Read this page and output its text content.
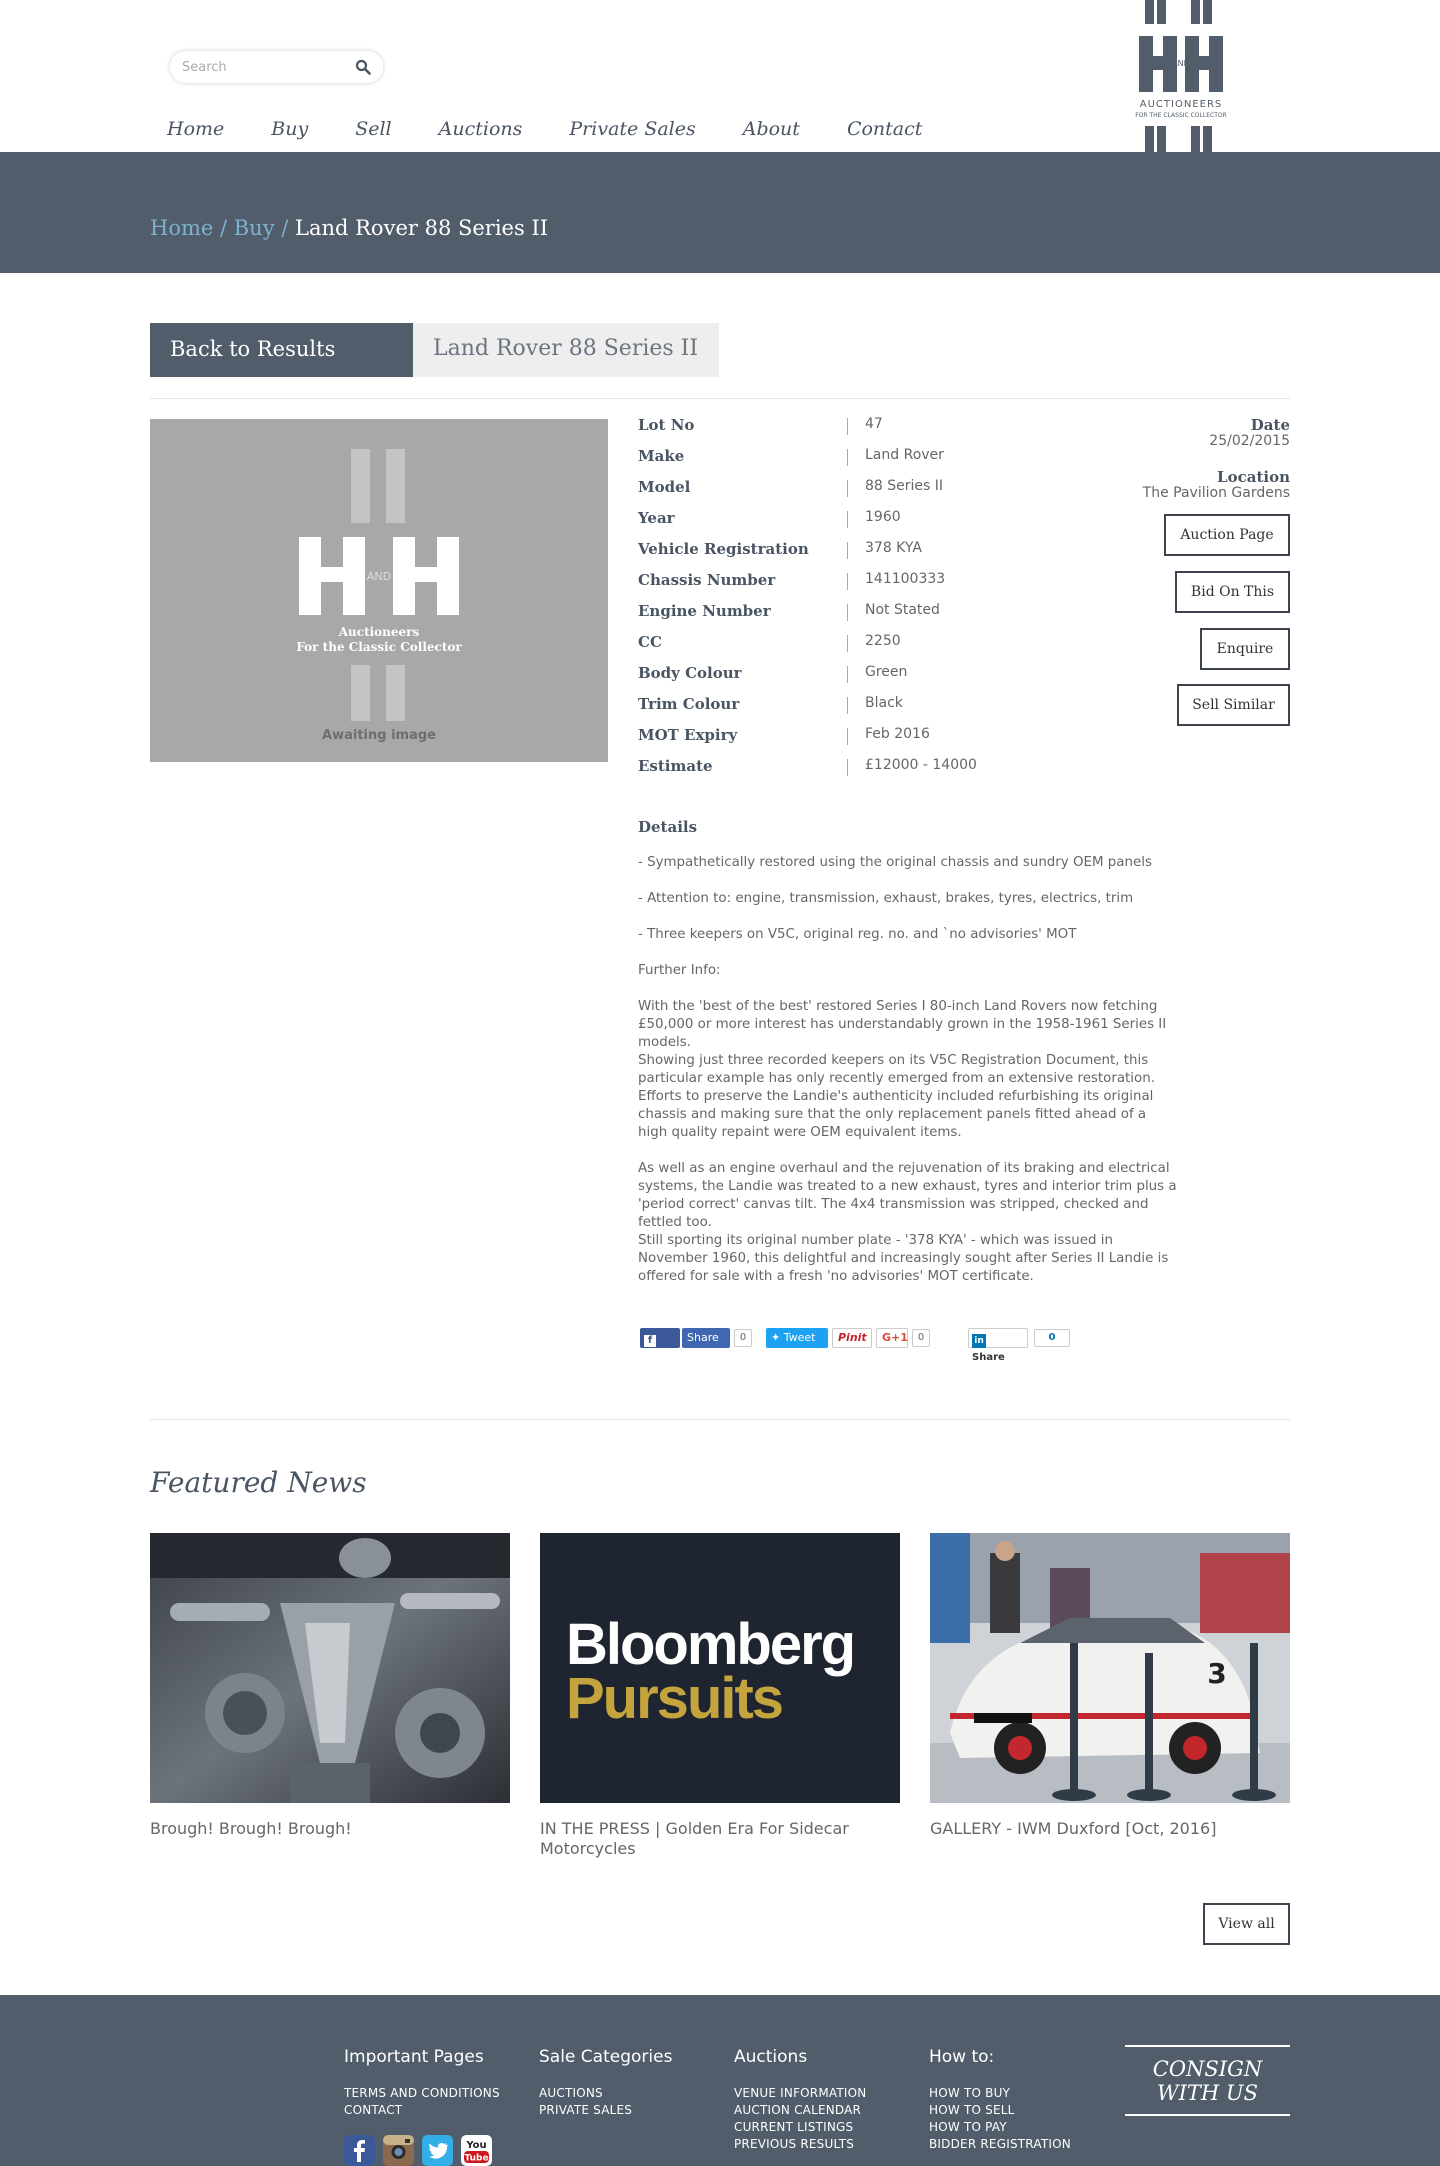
Search
Home Buy Sell Auctions Private Sales About Contact
AND
AUCTIONEERS
FOR THE CLASSIC COLLECTOR
Home / Buy / Land Rover 88 Series II
Back to Results	Land Rover 88 Series II
AND
Auctioneers
For the Classic Collector
Awaiting image
Lot No	47
Make	Land Rover
Model	88 Series II
Year	1960
Vehicle Registration	378 KYA
Chassis Number	141100333
Engine Number	Not Stated
CC	2250
Body Colour	Green
Trim Colour	Black
MOT Expiry	Feb 2016
Estimate	£12000 - 14000
Date
25/02/2015
Location
The Pavilion Gardens
Auction Page
Bid On This
Enquire
Sell Similar
Details

- Sympathetically restored using the original chassis and sundry OEM panels

- Attention to: engine, transmission, exhaust, brakes, tyres, electrics, trim

- Three keepers on V5C, original reg. no. and `no advisories' MOT

Further Info:

With the 'best of the best' restored Series I 80-inch Land Rovers now fetching £50,000 or more interest has understandably grown in the 1958-1961 Series II models.

Showing just three recorded keepers on its V5C Registration Document, this particular example has only recently emerged from an extensive restoration. Efforts to preserve the Landie's authenticity included refurbishing its original chassis and making sure that the only replacement panels fitted ahead of a high quality repaint were OEM equivalent items.

As well as an engine overhaul and the rejuvenation of its braking and electrical systems, the Landie was treated to a new exhaust, tyres and interior trim plus a 'period correct' canvas tilt. The 4x4 transmission was stripped, checked and fettled too.

Still sporting its original number plate - '378 KYA' - which was issued in November 1960, this delightful and increasingly sought after Series II Landie is offered for sale with a fresh 'no advisories' MOT certificate.

fLike
Share	0	✦ Tweet	Pinit	G+1 0	inShare
0
Featured News
Brough! Brough! Brough!
Bloomberg
Pursuits
IN THE PRESS | Golden Era For Sidecar Motorcycles
3
GALLERY - IWM Duxford [Oct, 2016]
View all
Important Pages
TERMS AND CONDITIONS
CONTACT
Sale Categories
AUCTIONS
PRIVATE SALES
Auctions
VENUE INFORMATION
AUCTION CALENDAR
CURRENT LISTINGS
PREVIOUS RESULTS
How to:
HOW TO BUY
HOW TO SELL
HOW TO PAY
BIDDER REGISTRATION
CONSIGN
WITH US
You
Tube
